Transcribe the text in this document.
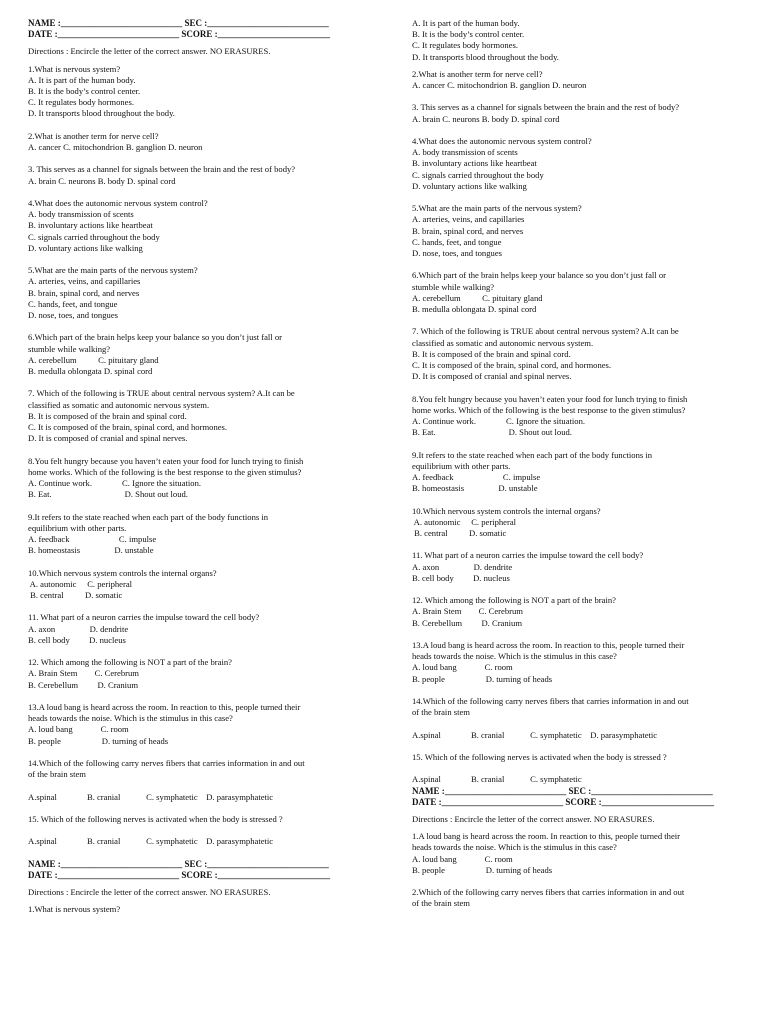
NAME :___________________________ SEC :___________________________
DATE :___________________________ SCORE :_________________________
Directions : Encircle the letter of the correct answer. NO ERASURES.
1.What is nervous system?
A. It is part of the human body.
B. It is the body’s control center.
C. It regulates body hormones.
D. It transports blood throughout the body.
2.What is another term for nerve cell?
A. cancer C. mitochondrion B. ganglion D. neuron
3. This serves as a channel for signals between the brain and the rest of body?
A. brain C. neurons B. body D. spinal cord
4.What does the autonomic nervous system control?
A. body transmission of scents
B. involuntary actions like heartbeat
C. signals carried throughout the body
D. voluntary actions like walking
5.What are the main parts of the nervous system?
A. arteries, veins, and capillaries
B. brain, spinal cord, and nerves
C. hands, feet, and tongue
D. nose, toes, and tongues
6.Which part of the brain helps keep your balance so you don’t just fall or
stumble while walking?
A. cerebellum          C. pituitary gland
B. medulla oblongata D. spinal cord
7. Which of the following is TRUE about central nervous system? A.It can be
classified as somatic and autonomic nervous system.
B. It is composed of the brain and spinal cord.
C. It is composed of the brain, spinal cord, and hormones.
D. It is composed of cranial and spinal nerves.
8.You felt hungry because you haven’t eaten your food for lunch trying to finish
home works. Which of the following is the best response to the given stimulus?
A. Continue work.              C. Ignore the situation.
B. Eat.                                  D. Shout out loud.
9.It refers to the state reached when each part of the body functions in
equilibrium with other parts.
A. feedback                       C. impulse
B. homeostasis                D. unstable
10.Which nervous system controls the internal organs?
A. autonomic     C. peripheral
B. central          D. somatic
11. What part of a neuron carries the impulse toward the cell body?
A. axon                D. dendrite
B. cell body         D. nucleus
12. Which among the following is NOT a part of the brain?
A. Brain Stem        C. Cerebrum
B. Cerebellum         D. Cranium
13.A loud bang is heard across the room. In reaction to this, people turned their
heads towards the noise. Which is the stimulus in this case?
A. loud bang             C. room
B. people                   D. turning of heads
14.Which of the following carry nerves fibers that carries information in and out
of the brain stem

A.spinal              B. cranial            C. symphatetic    D. parasymphatetic
15. Which of the following nerves is activated when the body is stressed ?

A.spinal              B. cranial            C. symphatetic    D. parasymphatetic
NAME :___________________________ SEC :___________________________
DATE :___________________________ SCORE :_________________________
Directions : Encircle the letter of the correct answer. NO ERASURES.
1.What is nervous system?
A. It is part of the human body.
B. It is the body’s control center.
C. It regulates body hormones.
D. It transports blood throughout the body.
2.What is another term for nerve cell?
A. cancer C. mitochondrion B. ganglion D. neuron
3. This serves as a channel for signals between the brain and the rest of body?
A. brain C. neurons B. body D. spinal cord
4.What does the autonomic nervous system control?
A. body transmission of scents
B. involuntary actions like heartbeat
C. signals carried throughout the body
D. voluntary actions like walking
5.What are the main parts of the nervous system?
A. arteries, veins, and capillaries
B. brain, spinal cord, and nerves
C. hands, feet, and tongue
D. nose, toes, and tongues
6.Which part of the brain helps keep your balance so you don’t just fall or
stumble while walking?
A. cerebellum          C. pituitary gland
B. medulla oblongata D. spinal cord
7. Which of the following is TRUE about central nervous system? A.It can be
classified as somatic and autonomic nervous system.
B. It is composed of the brain and spinal cord.
C. It is composed of the brain, spinal cord, and hormones.
D. It is composed of cranial and spinal nerves.
8.You felt hungry because you haven’t eaten your food for lunch trying to finish
home works. Which of the following is the best response to the given stimulus?
A. Continue work.              C. Ignore the situation.
B. Eat.                                  D. Shout out loud.
9.It refers to the state reached when each part of the body functions in
equilibrium with other parts.
A. feedback                       C. impulse
B. homeostasis                D. unstable
10.Which nervous system controls the internal organs?
A. autonomic     C. peripheral
B. central          D. somatic
11. What part of a neuron carries the impulse toward the cell body?
A. axon                D. dendrite
B. cell body         D. nucleus
12. Which among the following is NOT a part of the brain?
A. Brain Stem        C. Cerebrum
B. Cerebellum         D. Cranium
13.A loud bang is heard across the room. In reaction to this, people turned their
heads towards the noise. Which is the stimulus in this case?
A. loud bang             C. room
B. people                   D. turning of heads
14.Which of the following carry nerves fibers that carries information in and out
of the brain stem

A.spinal              B. cranial            C. symphatetic    D. parasymphatetic
15. Which of the following nerves is activated when the body is stressed ?

A.spinal              B. cranial            C. symphatetic
NAME :___________________________ SEC :___________________________
DATE :___________________________ SCORE :_________________________
Directions : Encircle the letter of the correct answer. NO ERASURES.
1.A loud bang is heard across the room. In reaction to this, people turned their
heads towards the noise. Which is the stimulus in this case?
A. loud bang             C. room
B. people                   D. turning of heads
2.Which of the following carry nerves fibers that carries information in and out
of the brain stem
